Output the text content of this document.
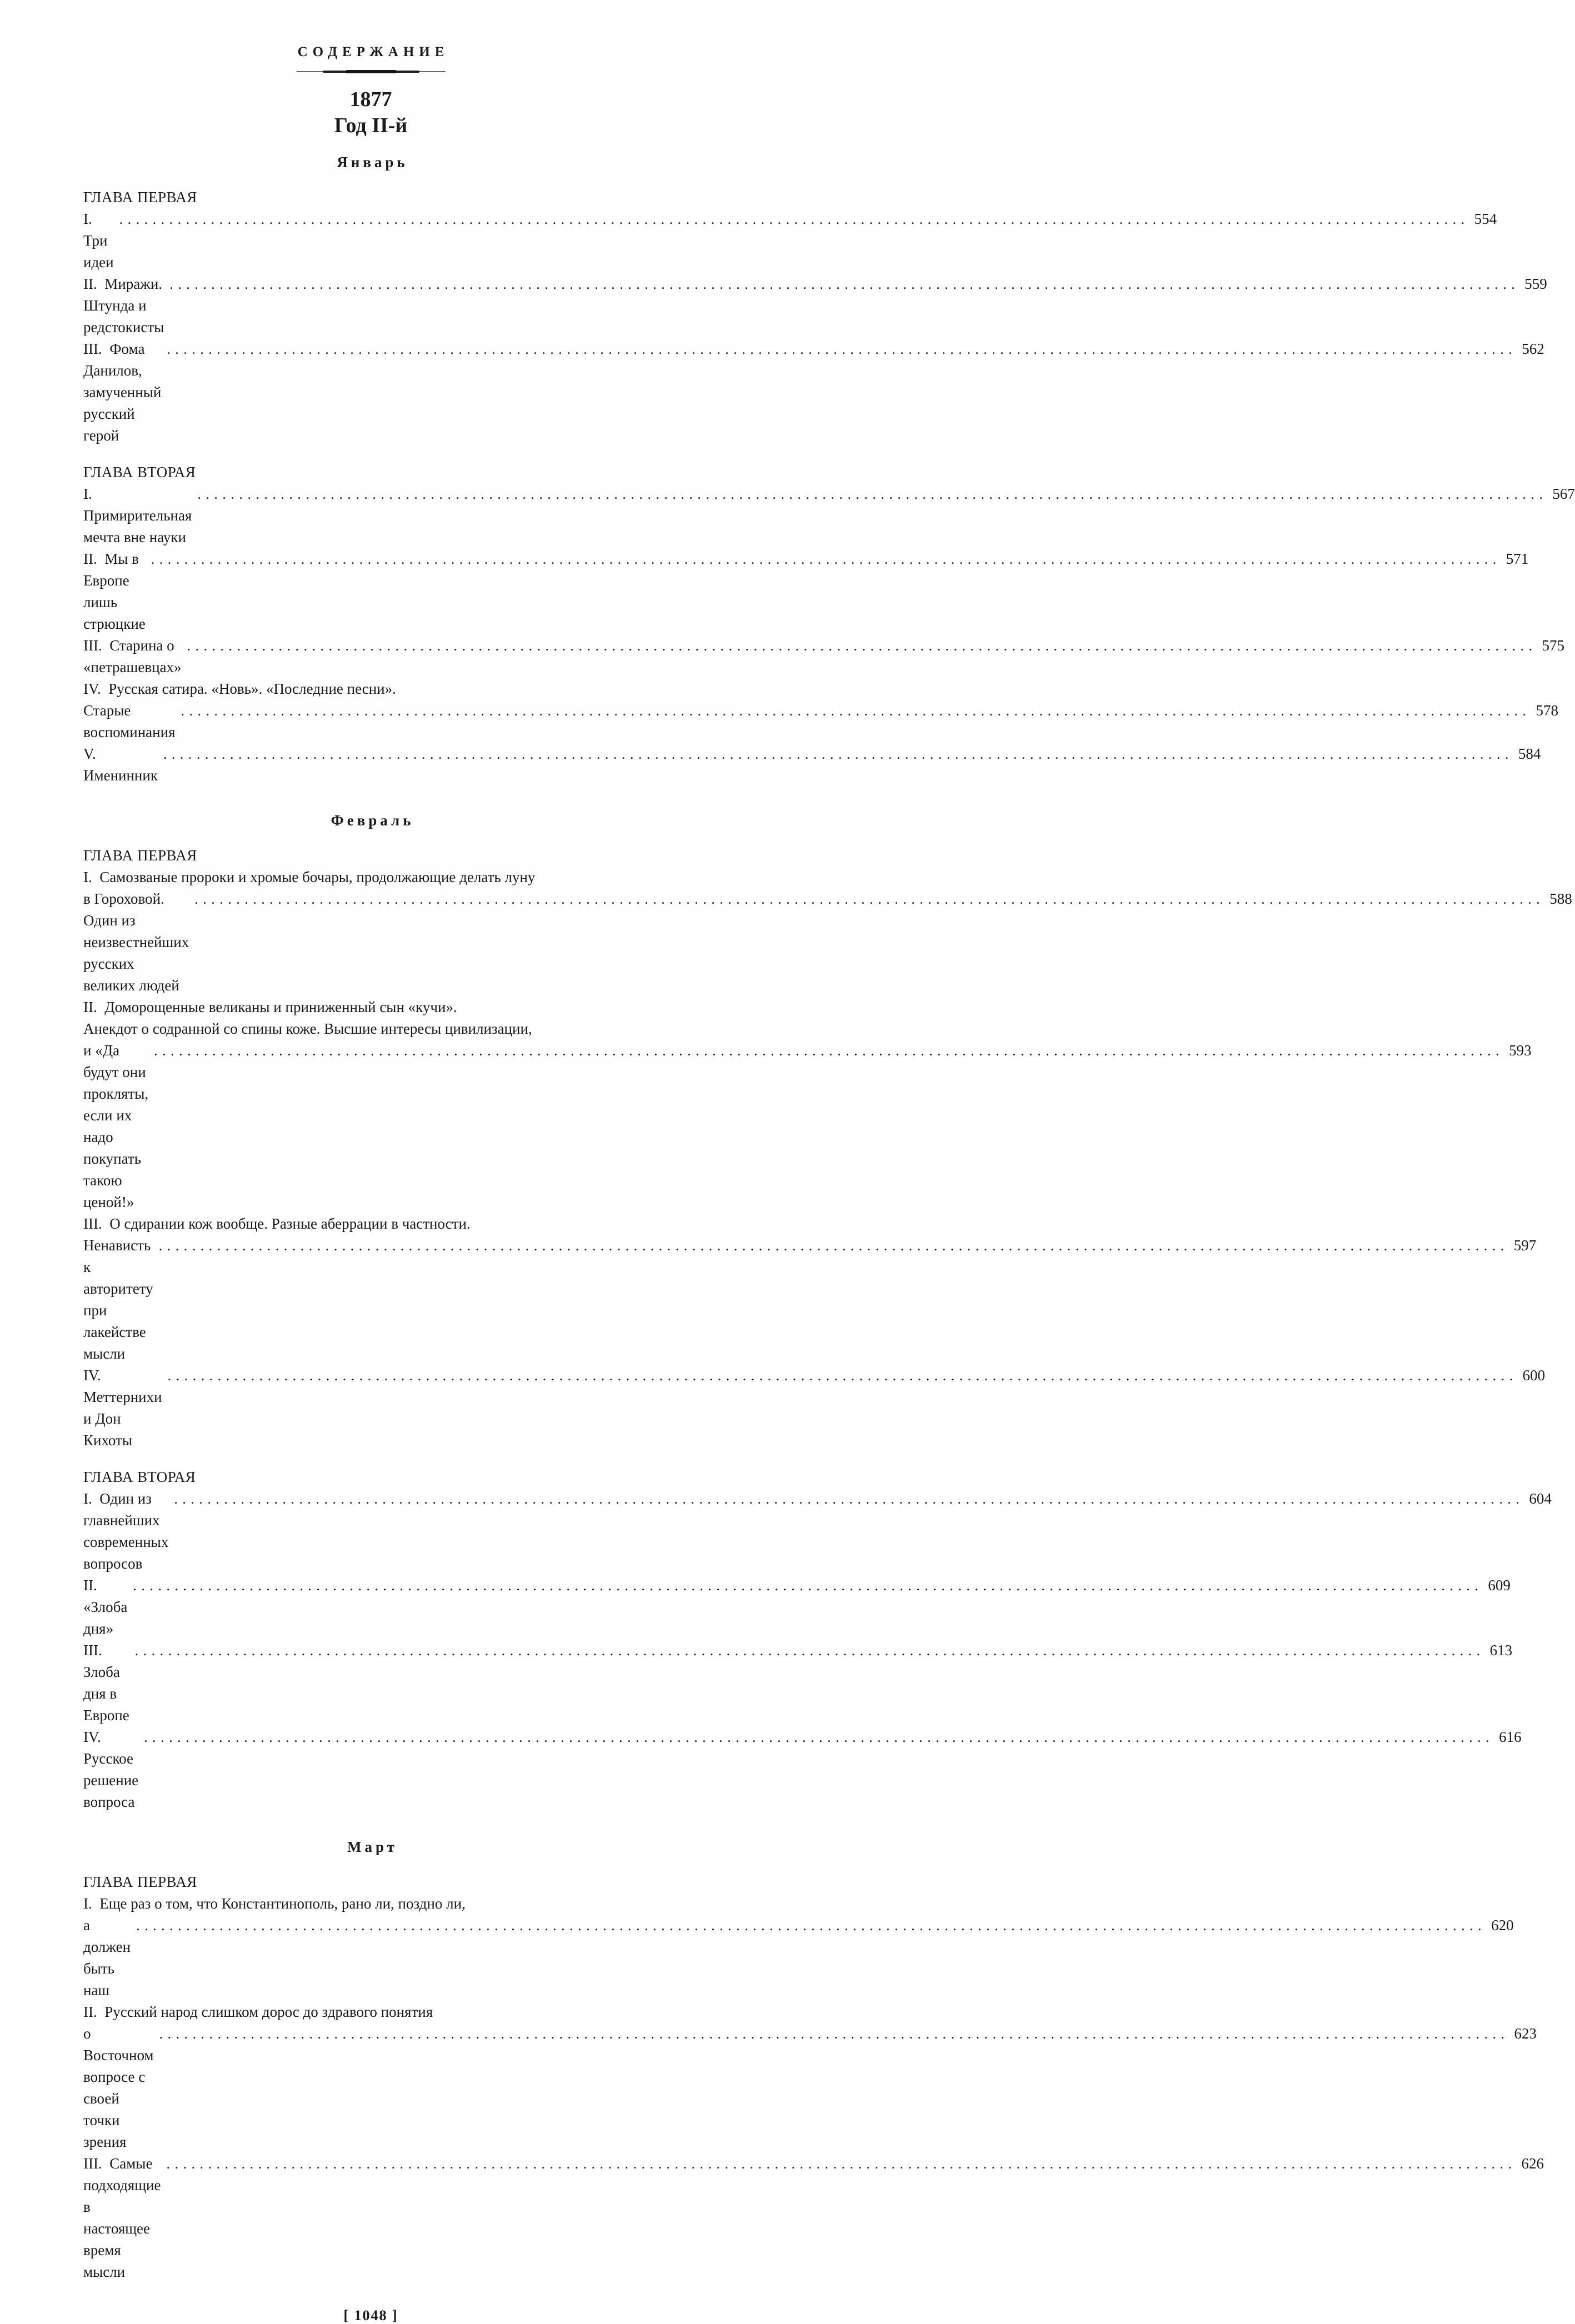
СОДЕРЖАНИЕ
1877
Год II-й
Январь
ГЛАВА ПЕРВАЯ
I.  Три идеи
.....
554
II.  Миражи. Штунда и редстокисты
.....
559
III.  Фома Данилов, замученный русский герой
.....
562
ГЛАВА ВТОРАЯ
I.  Примирительная мечта вне науки
.....
567
II.  Мы в Европе лишь стрюцкие
.....
571
III.  Старина о «петрашевцах»
.....
575
IV.  Русская сатира. «Новь». «Последние песни».
Старые воспоминания
.....
578
V.  Именинник
.....
584
Февраль
ГЛАВА ПЕРВАЯ
I.  Самозваные пророки и хромые бочары, продолжающие делать луну
в Гороховой. Один из неизвестнейших русских великих людей
.....
588
II.  Доморощенные великаны и приниженный сын «кучи».
Анекдот о содранной со спины коже. Высшие интересы цивилизации,
и «Да будут они прокляты, если их надо покупать такою ценой!»
.....
593
III.  О сдирании кож вообще. Разные аберрации в частности.
Ненависть к авторитету при лакействе мысли
.....
597
IV.  Меттернихи и Дон Кихоты
.....
600
ГЛАВА ВТОРАЯ
I.  Один из главнейших современных вопросов
.....
604
II.  «Злоба дня»
.....
609
III.  Злоба дня в Европе
.....
613
IV.  Русское решение вопроса
.....
616
Март
ГЛАВА ПЕРВАЯ
I.  Еще раз о том, что Константинополь, рано ли, поздно ли,
а должен быть наш
.....
620
II.  Русский народ слишком дорос до здравого понятия
о Восточном вопросе с своей точки зрения
.....
623
III.  Самые подходящие в настоящее время мысли
.....
626
[ 1048 ]
